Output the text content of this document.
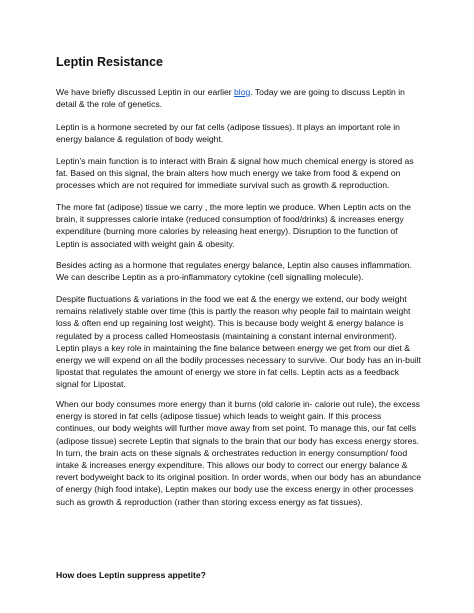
Leptin Resistance

We have briefly discussed Leptin in our earlier blog. Today we are going to discuss Leptin in
detail & the role of genetics.

Leptin is a hormone secreted by our fat cells (adipose tissues). It plays an important role in
energy balance & regulation of body weight.

Leptin’s main function is to interact with Brain & signal how much chemical energy is stored as
fat. Based on this signal, the brain alters how much energy we take from food & expend on
processes which are not required for immediate survival such as growth & reproduction.

The more fat (adipose) tissue we carry , the more leptin we produce. When Leptin acts on the
brain, it suppresses calorie intake (reduced consumption of food/drinks) & increases energy
expenditure (burning more calories by releasing heat energy). Disruption to the function of
Leptin is associated with weight gain & obesity.

Besides acting as a hormone that regulates energy balance, Leptin also causes inflammation.
We can describe Leptin as a pro-inflammatory cytokine (cell signalling molecule).

Despite fluctuations & variations in the food we eat & the energy we extend, our body weight
remains relatively stable over time (this is partly the reason why people fail to maintain weight
loss & often end up regaining lost weight). This is because body weight & energy balance is
regulated by a process called Homeostasis (maintaining a constant internal environment).
Leptin plays a key role in maintaining the fine balance between energy we get from our diet &
energy we will expend on all the bodily processes necessary to survive. Our body has an in-built
lipostat that regulates the amount of energy we store in fat cells. Leptin acts as a feedback
signal for Lipostat.

When our body consumes more energy than it burns (old calorie in- calorie out rule), the excess
energy is stored in fat cells (adipose tissue) which leads to weight gain. If this process
continues, our body weights will further move away from set point. To manage this, our fat cells
(adipose tissue) secrete Leptin that signals to the brain that our body has excess energy stores.
In turn, the brain acts on these signals & orchestrates reduction in energy consumption/ food
intake & increases energy expenditure. This allows our body to correct our energy balance &
revert bodyweight back to its original position. In order words, when our body has an abundance
of energy (high food intake), Leptin makes our body use the excess energy in other processes
such as growth & reproduction (rather than storing excess energy as fat tissues).

How does Leptin suppress appetite?
